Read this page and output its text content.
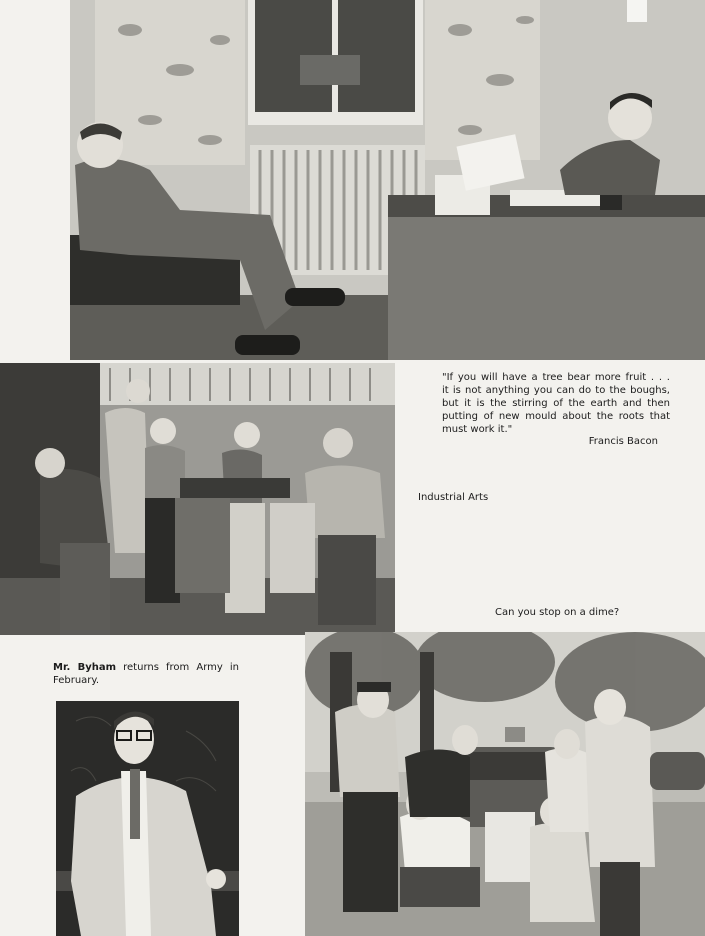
"If you will have a tree bear more fruit . . .
it is not anything you can do to the boughs,
but it is the stirring of the earth and then
putting of new mould about the roots that
must work it."
Francis Bacon
Industrial Arts
Can you stop on a dime?
Mr. Byham returns from Army in February.
